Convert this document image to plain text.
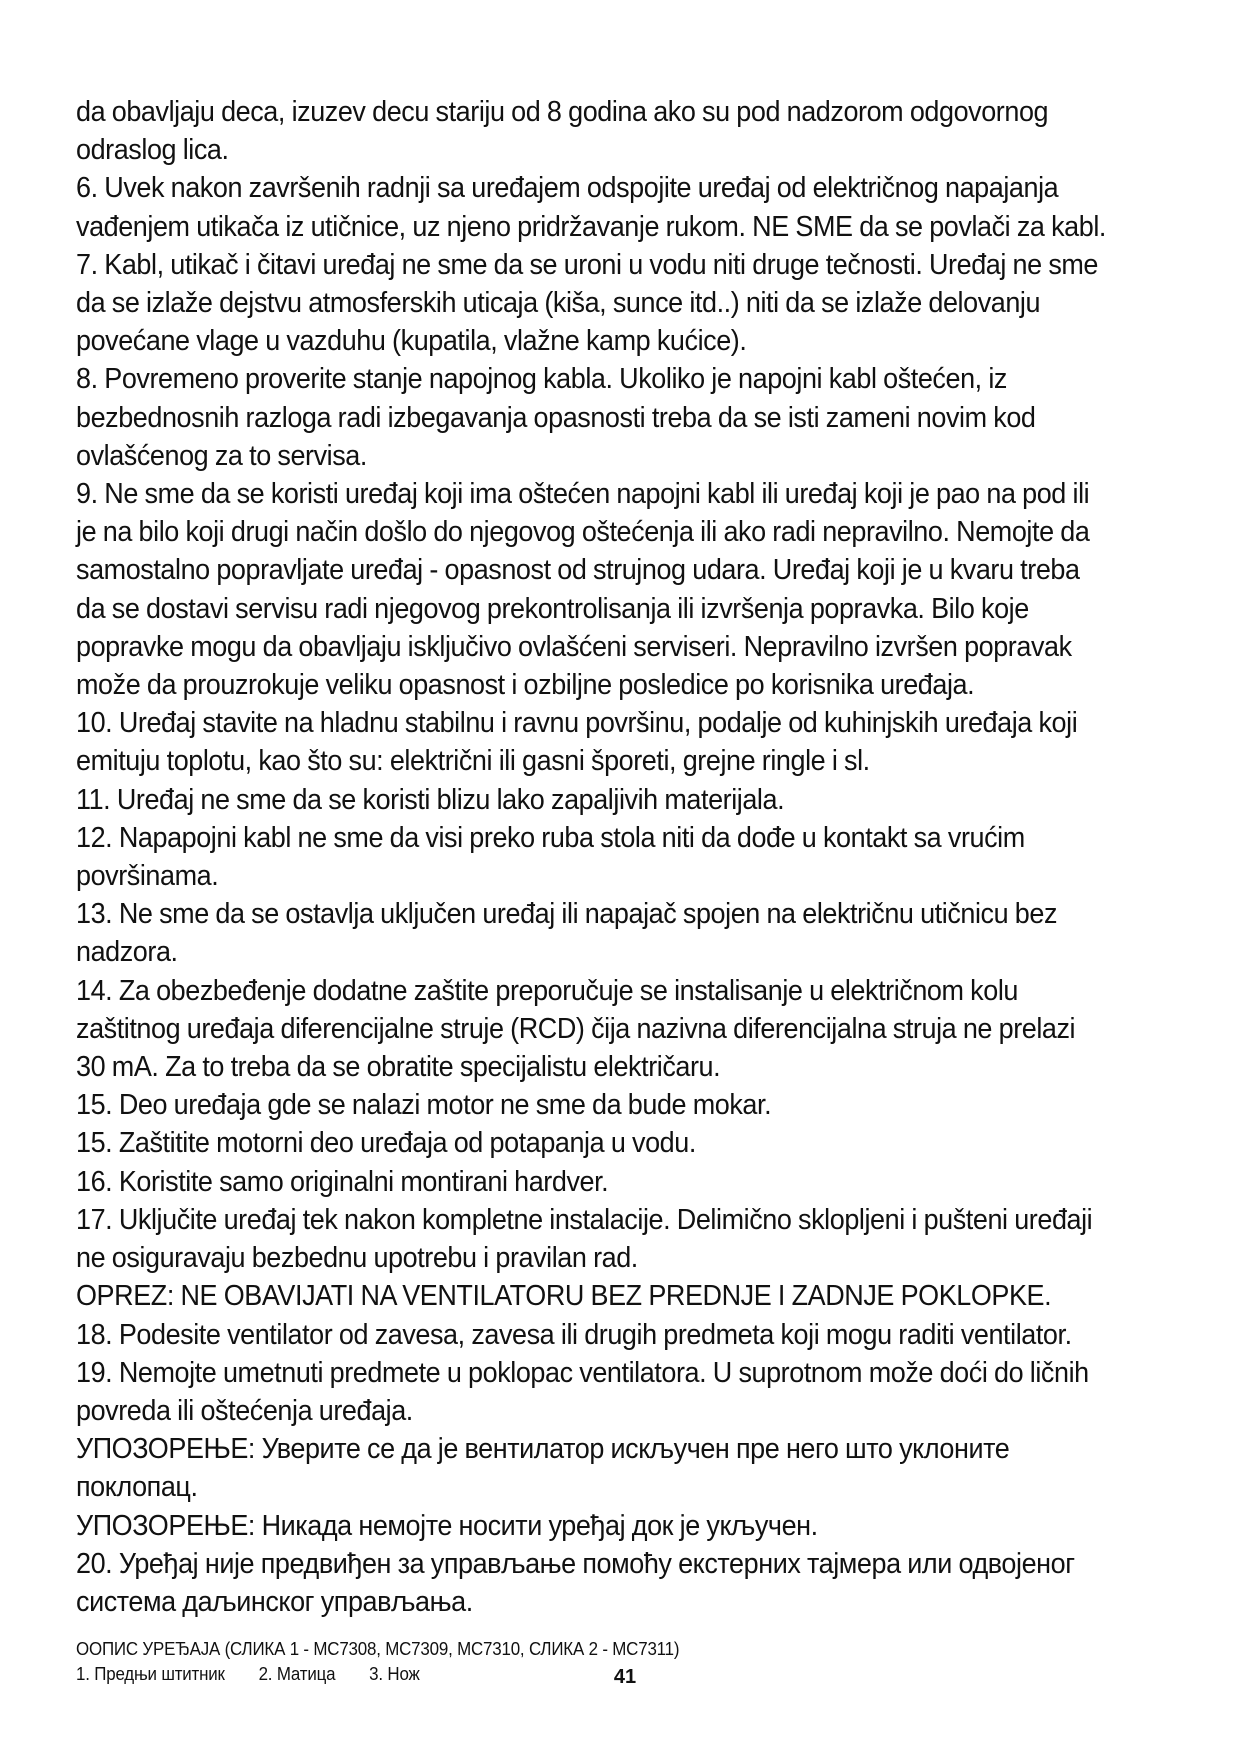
da obavljaju deca, izuzev decu stariju od 8 godina ako su pod nadzorom odgovornog odraslog lica.

6. Uvek nakon završenih radnji sa uređajem odspojite uređaj od električnog napajanja vađenjem utikača iz utičnice, uz njeno pridržavanje rukom. NE SME da se povlači za kabl.

7. Kabl, utikač i čitavi uređaj ne sme da se uroni u vodu niti druge tečnosti. Uređaj ne sme da se izlaže dejstvu atmosferskih uticaja (kiša, sunce itd..) niti da se izlaže delovanju povećane vlage u vazduhu (kupatila, vlažne kamp kućice).

8. Povremeno proverite stanje napojnog kabla. Ukoliko je napojni kabl oštećen, iz bezbednosnih razloga radi izbegavanja opasnosti treba da se isti zameni novim kod ovlašćenog za to servisa.

9. Ne sme da se koristi uređaj koji ima oštećen napojni kabl ili uređaj koji je pao na pod ili je na bilo koji drugi način došlo do njegovog oštećenja ili ako radi nepravilno. Nemojte da samostalno popravljate uređaj - opasnost od strujnog udara. Uređaj koji je u kvaru treba da se dostavi servisu radi njegovog prekontrolisanja ili izvršenja popravka. Bilo koje popravke mogu da obavljaju isključivo ovlašćeni serviseri. Nepravilno izvršen popravak može da prouzrokuje veliku opasnost i ozbiljne posledice po korisnika uređaja.

10. Uređaj stavite na hladnu stabilnu i ravnu površinu, podalje od kuhinjskih uređaja koji emituju toplotu, kao što su: električni ili gasni šporeti, grejne ringle i sl.

11. Uređaj ne sme da se koristi blizu lako zapaljivih materijala.

12. Napapojni kabl ne sme da visi preko ruba stola niti da dođe u kontakt sa vrućim površinama.

13. Ne sme da se ostavlja uključen uređaj ili napajač spojen na električnu utičnicu bez nadzora.

14. Za obezbeđenje dodatne zaštite preporučuje se instalisanje u električnom kolu zaštitnog uređaja diferencijalne struje (RCD) čija nazivna diferencijalna struja ne prelazi 30 mA. Za to treba da se obratite specijalistu električaru.

15. Deo uređaja gde se nalazi motor ne sme da bude mokar.

15. Zaštitite motorni deo uređaja od potapanja u vodu.

16. Koristite samo originalni montirani hardver.

17. Uključite uređaj tek nakon kompletne instalacije. Delimično sklopljeni i pušteni uređaji ne osiguravaju bezbednu upotrebu i pravilan rad.

OPREZ: NE OBAVIJATI NA VENTILATORU BEZ PREDNJE I ZADNJE POKLOPKE.

18. Podesite ventilator od zavesa, zavesa ili drugih predmeta koji mogu raditi ventilator.

19. Nemojte umetnuti predmete u poklopac ventilatora. U suprotnom može doći do ličnih povreda ili oštećenja uređaja.

УПОЗОРЕЊЕ: Уверите се да је вентилатор искључен пре него што уклоните поклопац.

УПОЗОРЕЊЕ: Никада немојте носити уређај док је укључен.

20. Уређај није предвиђен за управљање помоћу екстерних тајмера или одвојеног система даљинског управљања.

ООПИС УРЕЂАЈА (СЛИКА 1 - MC7308, MC7309, MC7310, СЛИКА 2 - MC7311)

1. Предњи штитник 2. Матица 3. Нож	41
